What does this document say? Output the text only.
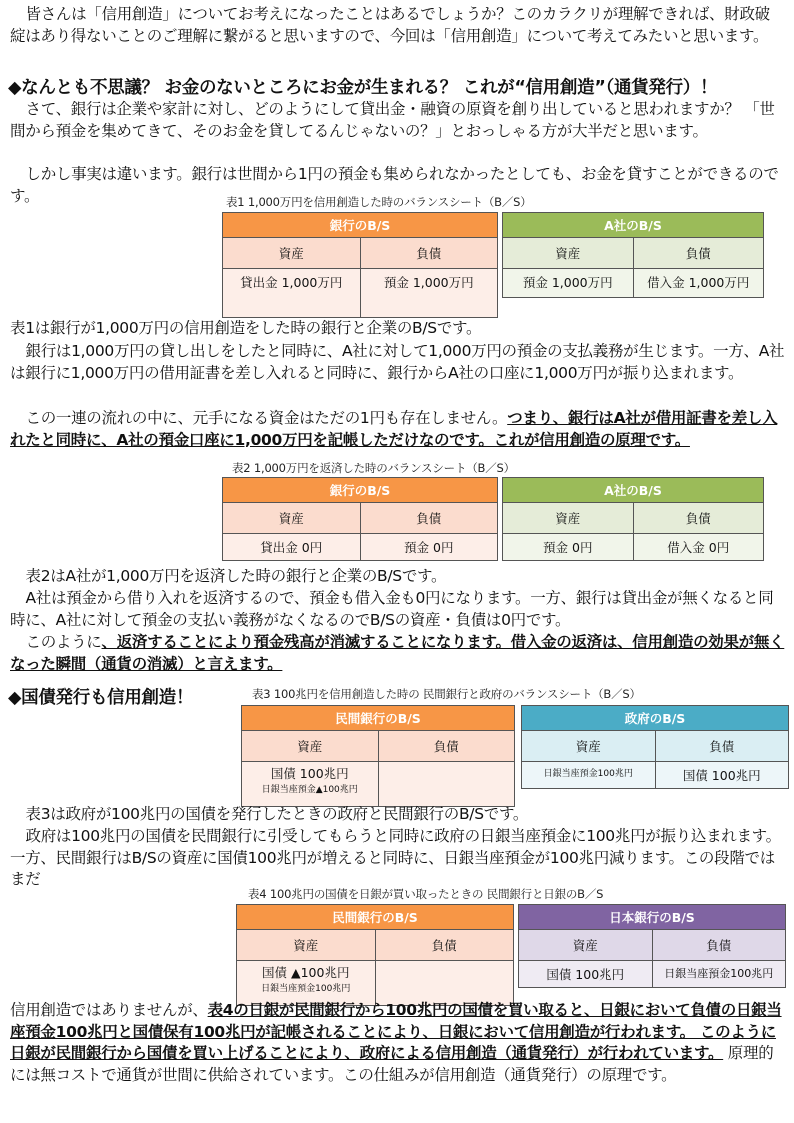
皆さんは「信用創造」についてお考えになったことはあるでしょうか？このカラクリが理解できれば、財政破綻はあり得ないことのご理解に繋がると思いますので、今回は「信用創造」について考えてみたいと思います。
◆なんとも不思議？ お金のないところにお金が生まれる？ これが“信用創造”（通貨発行）！
さて、銀行は企業や家計に対し、どのようにして貸出金・融資の原資を創り出していると思われますか？ 「世間から預金を集めてきて、そのお金を貸してるんじゃないの？」とおっしゃる方が大半だと思います。
しかし事実は違います。銀行は世間から1円の預金も集められなかったとしても、お金を貸すことができるのです。	表1 1,000万円を信用創造した時のバランスシート（B／S）
銀行のB/S	
資産	負債
貸出金 1,000万円	預金 1,000万円
A社のB/S	
資産	負債
預金 1,000万円	借入金 1,000万円
表1は銀行が1,000万円の信用創造をした時の銀行と企業のB/Sです。
銀行は1,000万円の貸し出しをしたと同時に、A社に対して1,000万円の預金の支払義務が生じます。一方、A社は銀行に1,000万円の借用証書を差し入れると同時に、銀行からA社の口座に1,000万円が振り込まれます。
この一連の流れの中に、元手になる資金はただの1円も存在しません。つまり、銀行はA社が借用証書を差し入れたと同時に、A社の預金口座に1,000万円を記帳しただけなのです。これが信用創造の原理です。
表2 1,000万円を返済した時のバランスシート（B／S）
銀行のB/S	
資産	負債
貸出金 0円	預金 0円
A社のB/S	
資産	負債
預金 0円	借入金 0円
表2はA社が1,000万円を返済した時の銀行と企業のB/Sです。
A社は預金から借り入れを返済するので、預金も借入金も0円になります。一方、銀行は貸出金が無くなると同時に、A社に対して預金の支払い義務がなくなるのでB/Sの資産・負債は0円です。
このように、返済することにより預金残高が消滅することになります。借入金の返済は、信用創造の効果が無くなった瞬間（通貨の消滅）と言えます。
◆国債発行も信用創造！	表3 100兆円を信用創造した時の 民間銀行と政府のバランスシート（B／S）
民間銀行のB/S	
資産	負債

国債 100兆円
日銀当座預金▲100兆円	

政府のB/S	
資産	負債
日銀当座預金100兆円	国債 100兆円
表3は政府が100兆円の国債を発行したときの政府と民間銀行のB/Sです。
政府は100兆円の国債を民間銀行に引受してもらうと同時に政府の日銀当座預金に100兆円が振り込まれます。 一方、民間銀行はB/Sの資産に国債100兆円が増えると同時に、日銀当座預金が100兆円減ります。この段階ではまだ
表4 100兆円の国債を日銀が買い取ったときの 民間銀行と日銀のB／S
民間銀行のB/S	
資産	負債

国債 ▲100兆円
日銀当座預金100兆円	

日本銀行のB/S	
資産	負債
国債 100兆円	日銀当座預金100兆円
信用創造ではありませんが、表4の日銀が民間銀行から100兆円の国債を買い取ると、日銀において負債の日銀当座預金100兆円と国債保有100兆円が記帳されることにより、日銀において信用創造が行われます。 このように日銀が民間銀行から国債を買い上げることにより、政府による信用創造（通貨発行）が行われています。 原理的には無コストで通貨が世間に供給されています。この仕組みが信用創造（通貨発行）の原理です。
